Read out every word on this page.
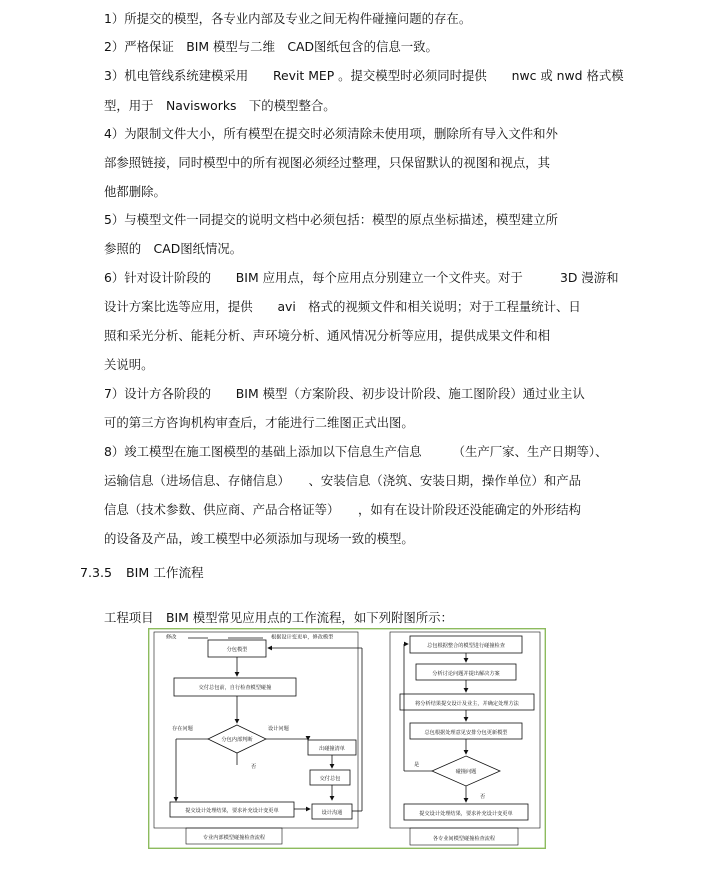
1）所提交的模型，各专业内部及专业之间无构件碰撞问题的存在。
2）严格保证　BIM 模型与二维　CAD图纸包含的信息一致。
3）机电管线系统建模采用　　Revit MEP 。提交模型时必须同时提供　　nwc 或 nwd 格式模
型，用于　Navisworks　下的模型整合。
4）为限制文件大小，所有模型在提交时必须清除未使用项，删除所有导入文件和外
部参照链接，同时模型中的所有视图必须经过整理，只保留默认的视图和视点，其
他都删除。
5）与模型文件一同提交的说明文档中必须包括：模型的原点坐标描述，模型建立所
参照的　CAD图纸情况。
6）针对设计阶段的　　BIM 应用点，每个应用点分别建立一个文件夹。对于　　　3D 漫游和
设计方案比选等应用，提供　　avi　格式的视频文件和相关说明；对于工程量统计、日
照和采光分析、能耗分析、声环境分析、通风情况分析等应用，提供成果文件和相
关说明。
7）设计方各阶段的　　BIM 模型（方案阶段、初步设计阶段、施工图阶段）通过业主认
可的第三方咨询机构审查后，才能进行二维图正式出图。
8）竣工模型在施工图模型的基础上添加以下信息生产信息　　　（生产厂家、生产日期等）、
运输信息（进场信息、存储信息）　　、安装信息（浇筑、安装日期，操作单位）和产品
信息（技术参数、供应商、产品合格证等）　　，如有在设计阶段还没能确定的外形结构
的设备及产品，竣工模型中必须添加与现场一致的模型。
7.3.5 BIM 工作流程
工程项目　BIM 模型常见应用点的工作流程，如下列附图所示：
修改	根据设计变更单，修改模型
分包模型
交付总包前，自行检查模型碰撞
分包内部判断
存在问题	设计问题
否
出碰撞清单
交付总包
提交设计处理结果，要求补充设计变更单	设计沟通
专业内部模型碰撞检查流程
总包根据整合的模型进行碰撞检查
分析讨论问题并提出解决方案
将分析结果提交设计及业主，并确定处理方法
总包根据处理意见安排分包更新模型
是
碰撞问题
否
提交设计处理结果，要求补充设计变更单
各专业间模型碰撞检查流程
